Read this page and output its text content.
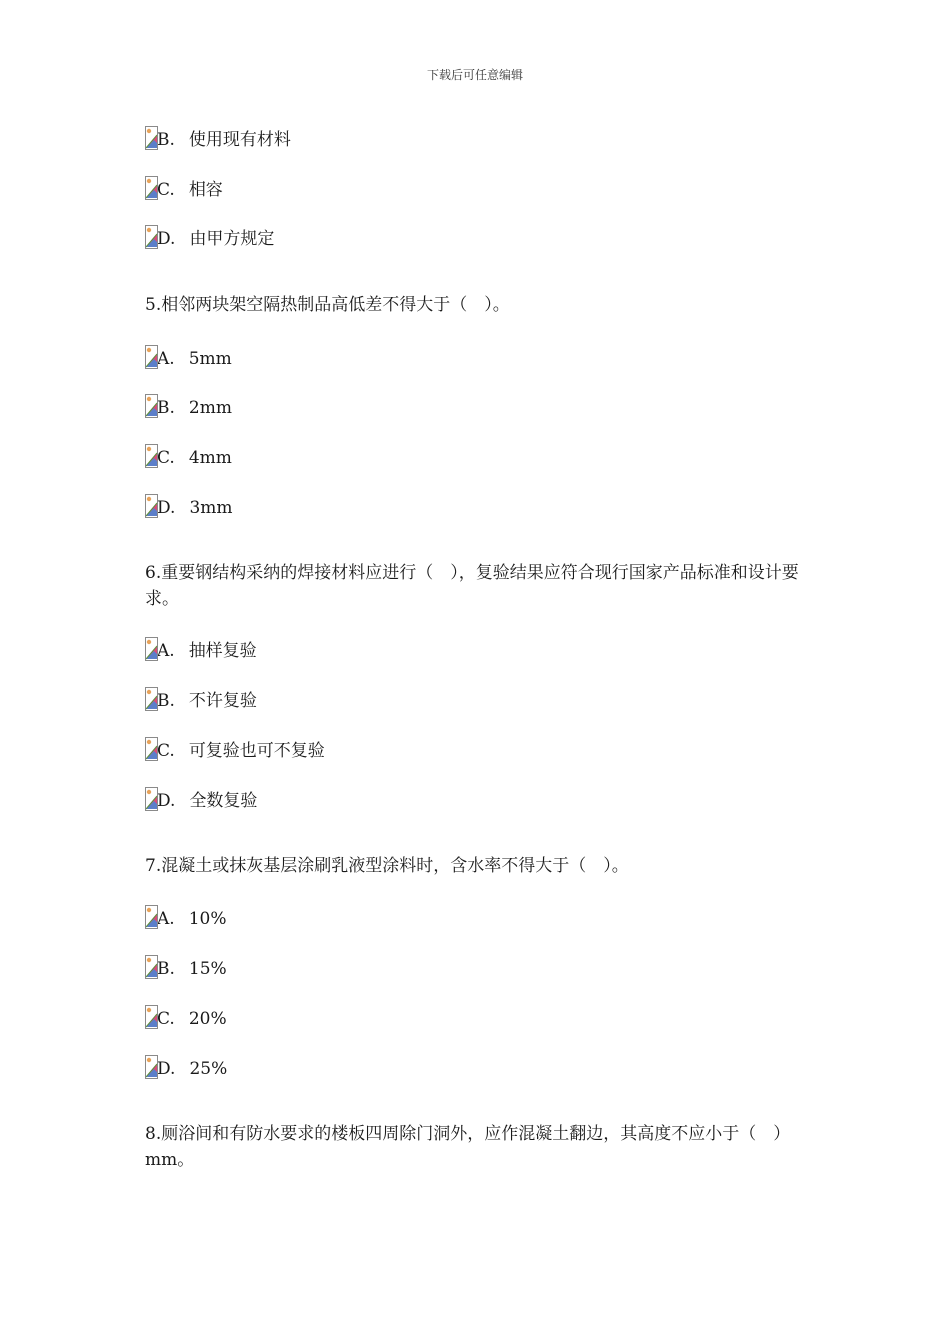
下载后可任意编辑
B. 使用现有材料
C. 相容
D. 由甲方规定
5.相邻两块架空隔热制品高低差不得大于（　）。
A. 5mm
B. 2mm
C. 4mm
D. 3mm
6.重要钢结构采纳的焊接材料应进行（　），复验结果应符合现行国家产品标准和设计要求。
A. 抽样复验
B. 不许复验
C. 可复验也可不复验
D. 全数复验
7.混凝土或抹灰基层涂刷乳液型涂料时，含水率不得大于（　）。
A. 10%
B. 15%
C. 20%
D. 25%
8.厕浴间和有防水要求的楼板四周除门洞外，应作混凝土翻边，其高度不应小于（　）mm。
